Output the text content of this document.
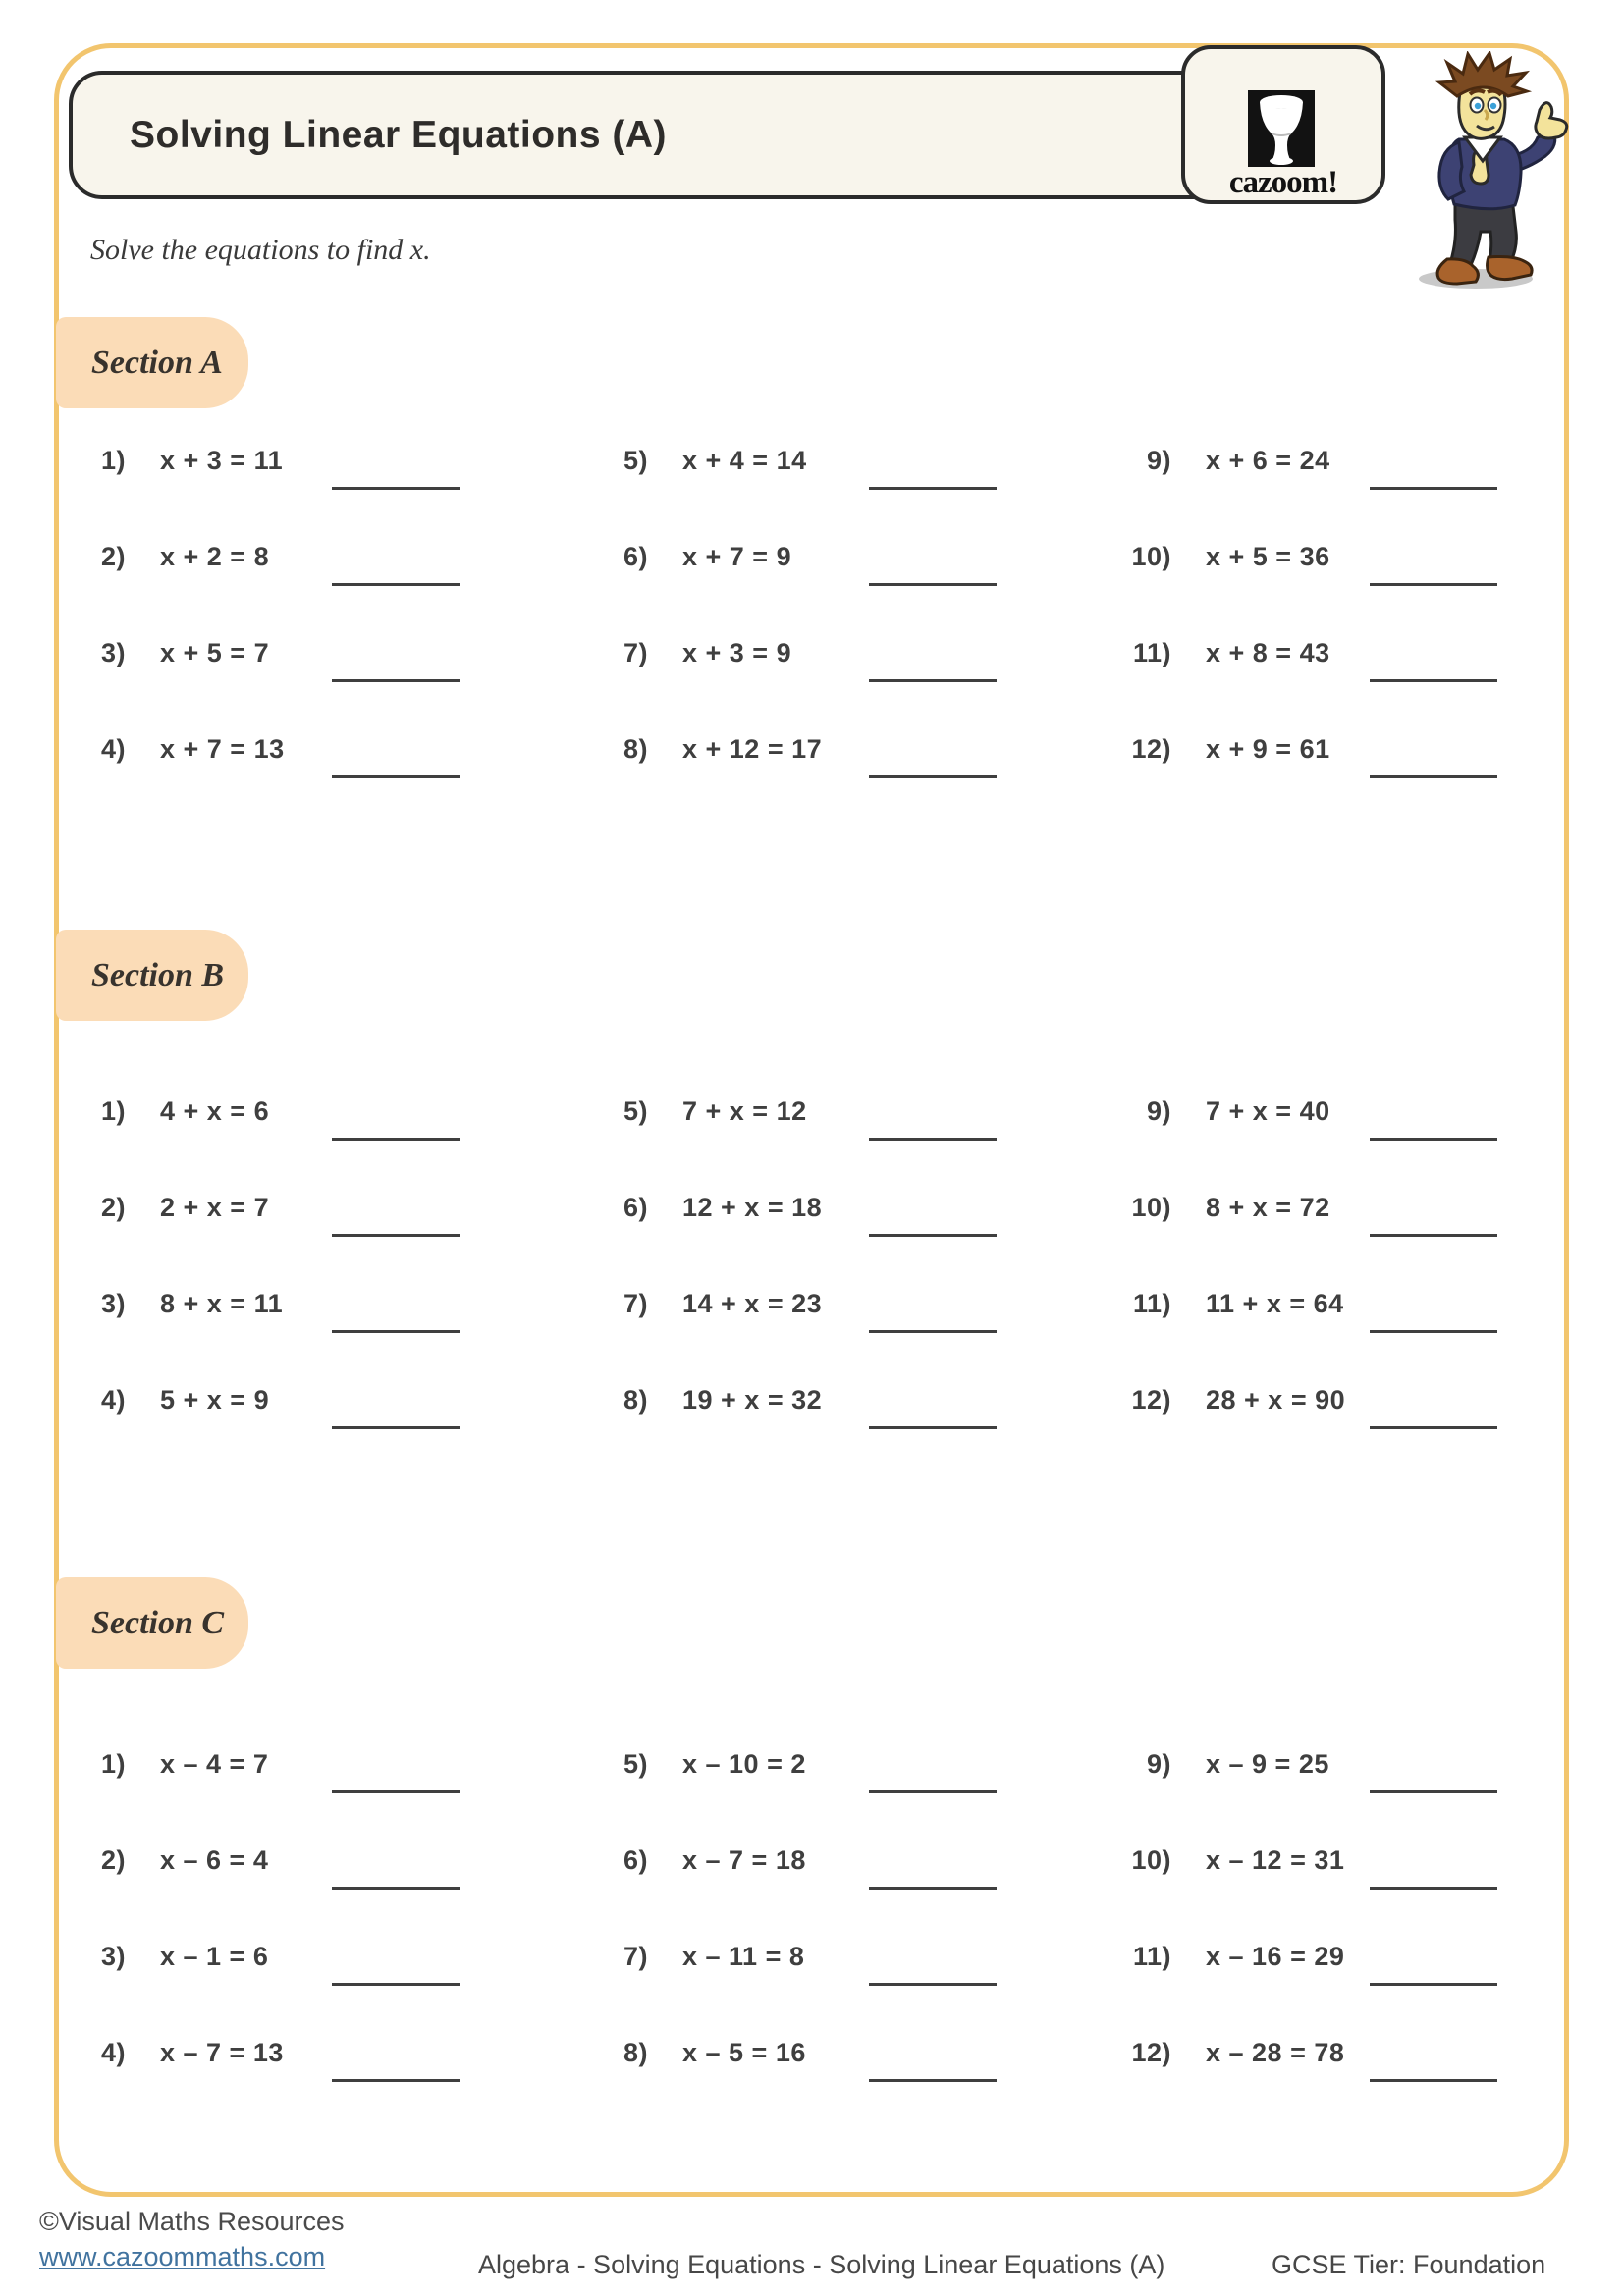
Solving Linear Equations (A)
cazoom!
Solve the equations to find x.
Section A
Section B
Section C
1) x + 3 = 11
2) x + 2 = 8
3) x + 5 = 7
4) x + 7 = 13
5) x + 4 = 14
6) x + 7 = 9
7) x + 3 = 9
8) x + 12 = 17
9) x + 6 = 24
10) x + 5 = 36
11) x + 8 = 43
12) x + 9 = 61
1) 4 + x = 6
2) 2 + x = 7
3) 8 + x = 11
4) 5 + x = 9
5) 7 + x = 12
6) 12 + x = 18
7) 14 + x = 23
8) 19 + x = 32
9) 7 + x = 40
10) 8 + x = 72
11) 11 + x = 64
12) 28 + x = 90
1) x – 4 = 7
2) x – 6 = 4
3) x – 1 = 6
4) x – 7 = 13
5) x – 10 = 2
6) x – 7 = 18
7) x – 11 = 8
8) x – 5 = 16
9) x – 9 = 25
10) x – 12 = 31
11) x – 16 = 29
12) x – 28 = 78
©Visual Maths Resources
www.cazoommaths.com	Algebra - Solving Equations - Solving Linear Equations (A)	GCSE Tier: Foundation
